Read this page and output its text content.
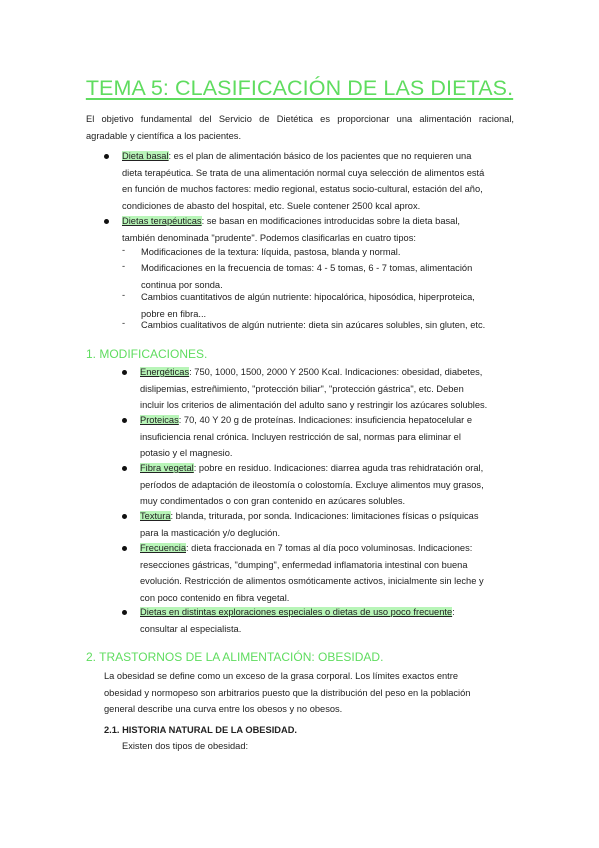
TEMA 5: CLASIFICACIÓN DE LAS DIETAS.
El objetivo fundamental del Servicio de Dietética es proporcionar una alimentación racional,
agradable y científica a los pacientes.
Dieta basal: es el plan de alimentación básico de los pacientes que no requieren una
dieta terapéutica. Se trata de una alimentación normal cuya selección de alimentos está
en función de muchos factores: medio regional, estatus socio-cultural, estación del año,
condiciones de abasto del hospital, etc. Suele contener 2500 kcal aprox.
Dietas terapéuticas: se basan en modificaciones introducidas sobre la dieta basal,
también denominada "prudente". Podemos clasificarlas en cuatro tipos:
- Modificaciones de la textura: líquida, pastosa, blanda y normal.
- Modificaciones en la frecuencia de tomas: 4 - 5 tomas, 6 - 7 tomas, alimentación
continua por sonda.
- Cambios cuantitativos de algún nutriente: hipocalórica, hiposódica, hiperproteica,
pobre en fibra...
- Cambios cualitativos de algún nutriente: dieta sin azúcares solubles, sin gluten, etc.
1. MODIFICACIONES.
Energéticas: 750, 1000, 1500, 2000 Y 2500 Kcal. Indicaciones: obesidad, diabetes,
dislipemias, estreñimiento, "protección biliar", "protección gástrica", etc. Deben
incluir los criterios de alimentación del adulto sano y restringir los azúcares solubles.
Proteicas: 70, 40 Y 20 g de proteínas. Indicaciones: insuficiencia hepatocelular e
insuficiencia renal crónica. Incluyen restricción de sal, normas para eliminar el
potasio y el magnesio.
Fibra vegetal: pobre en residuo. Indicaciones: diarrea aguda tras rehidratación oral,
períodos de adaptación de ileostomía o colostomía. Excluye alimentos muy grasos,
muy condimentados o con gran contenido en azúcares solubles.
Textura: blanda, triturada, por sonda. Indicaciones: limitaciones físicas o psíquicas
para la masticación y/o deglución.
Frecuencia: dieta fraccionada en 7 tomas al día poco voluminosas. Indicaciones:
resecciones gástricas, "dumping", enfermedad inflamatoria intestinal con buena
evolución. Restricción de alimentos osmóticamente activos, inicialmente sin leche y
con poco contenido en fibra vegetal.
Dietas en distintas exploraciones especiales o dietas de uso poco frecuente:
consultar al especialista.
2. TRASTORNOS DE LA ALIMENTACIÓN: OBESIDAD.
La obesidad se define como un exceso de la grasa corporal. Los límites exactos entre
obesidad y normopeso son arbitrarios puesto que la distribución del peso en la población
general describe una curva entre los obesos y no obesos.
2.1. HISTORIA NATURAL DE LA OBESIDAD.
Existen dos tipos de obesidad:
